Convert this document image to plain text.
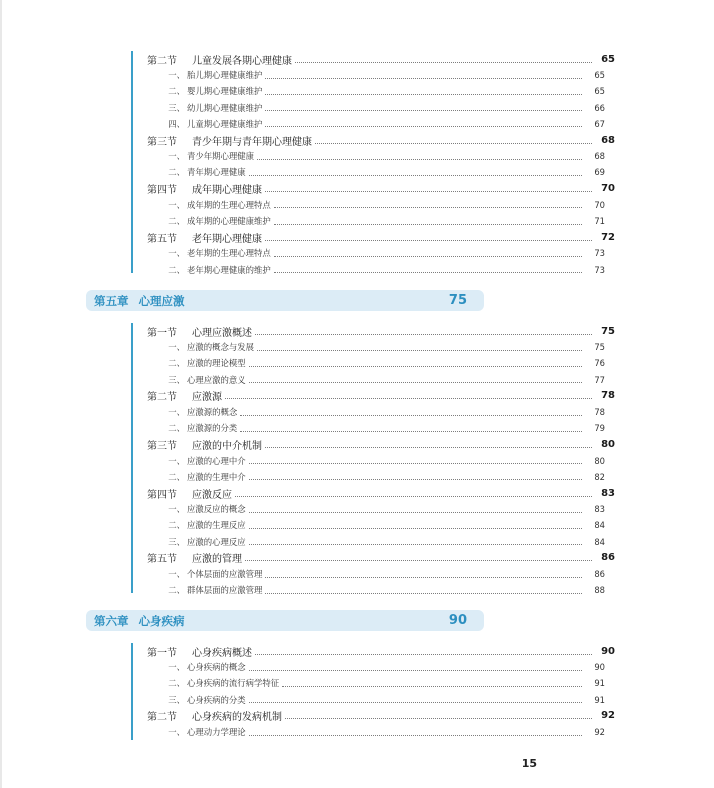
第二节	儿童发展各期心理健康	65
一、 胎儿期心理健康维护	65
二、 婴儿期心理健康维护	65
三、 幼儿期心理健康维护	66
四、 儿童期心理健康维护	67
第三节	青少年期与青年期心理健康	68
一、 青少年期心理健康	68
二、 青年期心理健康	69
第四节	成年期心理健康	70
一、 成年期的生理心理特点	70
二、 成年期的心理健康维护	71
第五节	老年期心理健康	72
一、 老年期的生理心理特点	73
二、 老年期心理健康的维护	73
第五章 心理应激	75
第一节	心理应激概述	75
一、 应激的概念与发展	75
二、 应激的理论模型	76
三、 心理应激的意义	77
第二节	应激源	78
一、 应激源的概念	78
二、 应激源的分类	79
第三节	应激的中介机制	80
一、 应激的心理中介	80
二、 应激的生理中介	82
第四节	应激反应	83
一、 应激反应的概念	83
二、 应激的生理反应	84
三、 应激的心理反应	84
第五节	应激的管理	86
一、 个体层面的应激管理	86
二、 群体层面的应激管理	88
第六章 心身疾病	90
第一节	心身疾病概述	90
一、 心身疾病的概念	90
二、 心身疾病的流行病学特征	91
三、 心身疾病的分类	91
第二节	心身疾病的发病机制	92
一、 心理动力学理论	92
15
